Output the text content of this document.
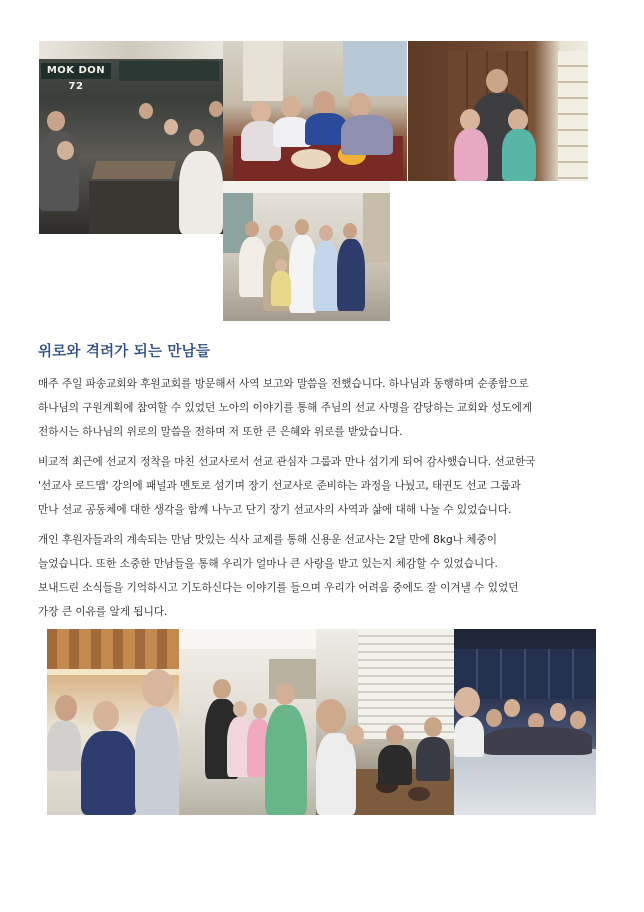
MOK DON 72
위로와 격려가 되는 만남들

매주 주일 파송교회와 후원교회를 방문해서 사역 보고와 말씀을 전했습니다. 하나님과 동행하며 순종함으로
하나님의 구원계획에 참여할 수 있었던 노아의 이야기를 통해 주님의 선교 사명을 감당하는 교회와 성도에게
전하시는 하나님의 위로의 말씀을 전하며 저 또한 큰 은혜와 위로를 받았습니다.

비교적 최근에 선교지 정착을 마친 선교사로서 선교 관심자 그룹과 만나 섬기게 되어 감사했습니다. 선교한국
'선교사 로드맵' 강의에 패널과 멘토로 섬기며 장기 선교사로 준비하는 과정을 나눴고, 태권도 선교 그룹과
만나 선교 공동체에 대한 생각을 함께 나누고 단기 장기 선교사의 사역과 삶에 대해 나눌 수 있었습니다.

개인 후원자들과의 계속되는 만남 맛있는 식사 교제를 통해 신용운 선교사는 2달 만에 8kg나 체중이
늘었습니다. 또한 소중한 만남들을 통해 우리가 얼마나 큰 사랑을 받고 있는지 체감할 수 있었습니다.
보내드린 소식들을 기억하시고 기도하신다는 이야기를 들으며 우리가 어려움 중에도 잘 이겨낼 수 있었던
가장 큰 이유를 알게 됩니다.
